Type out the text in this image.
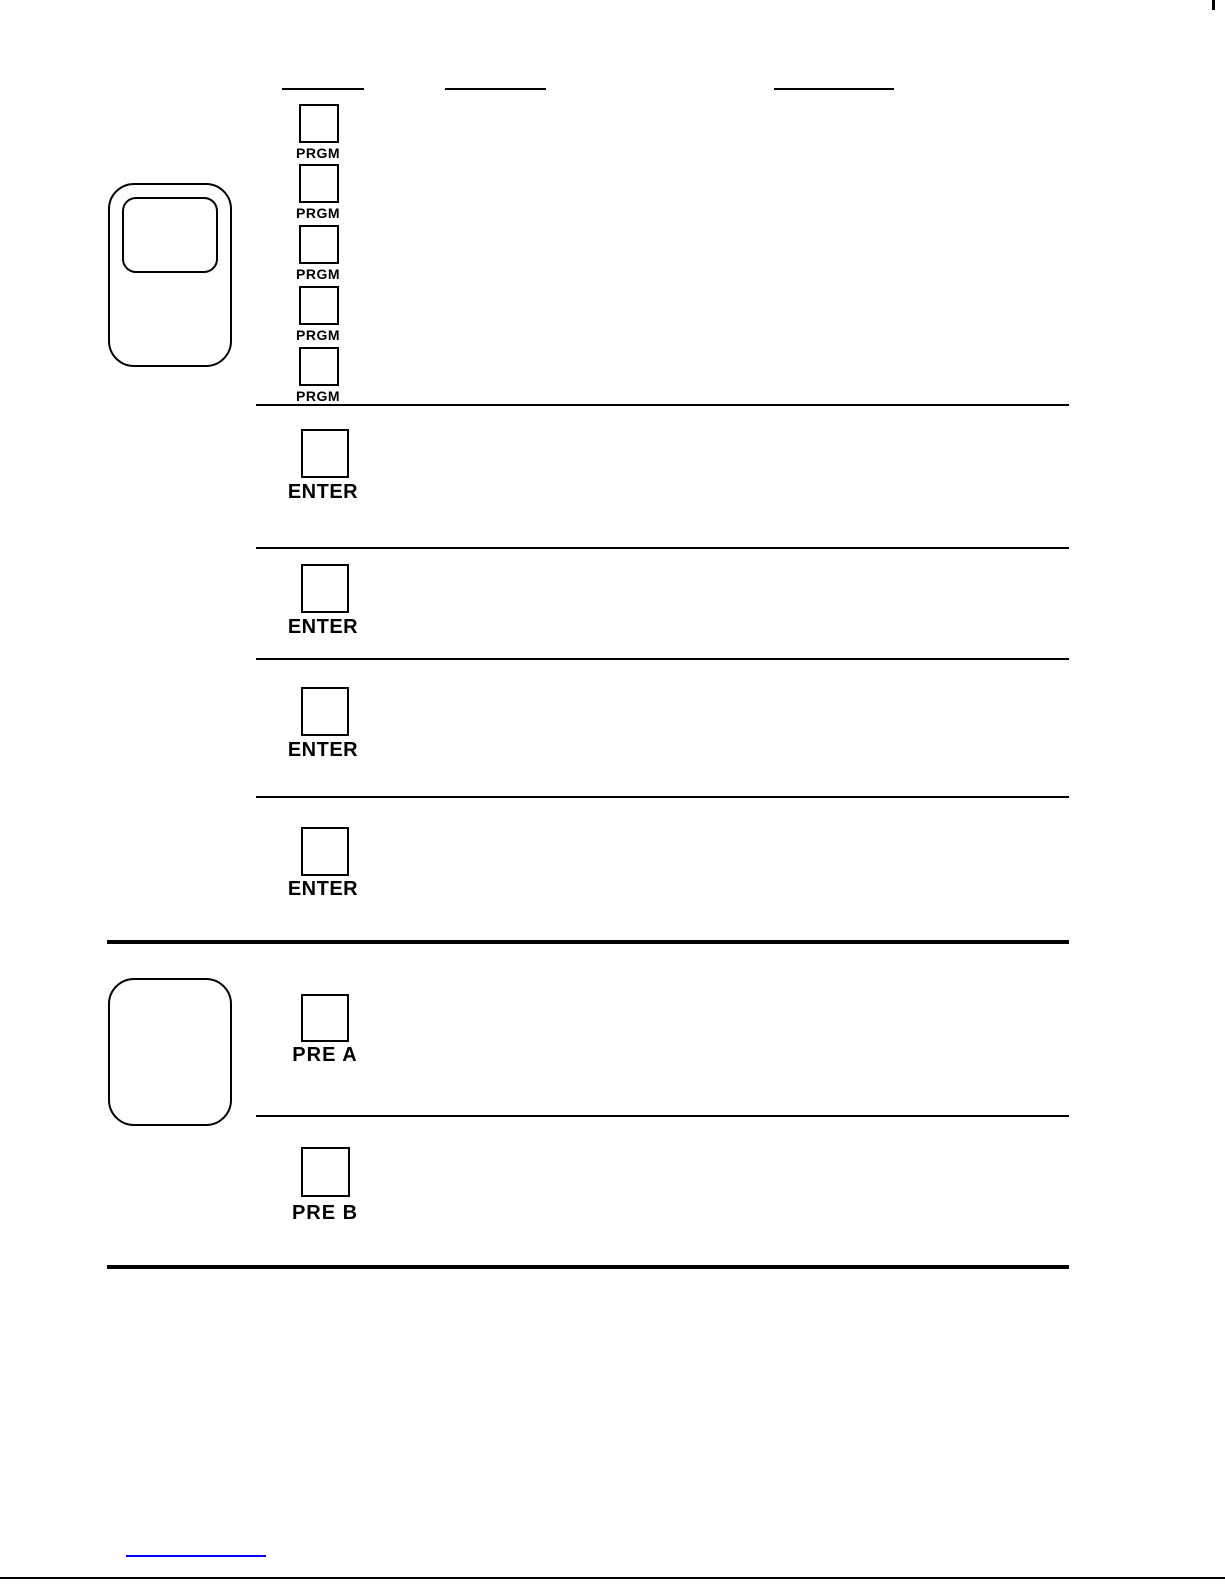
PRGM
PRGM
PRGM
PRGM
PRGM
ENTER
ENTER
ENTER
ENTER
PRE A
PRE B
